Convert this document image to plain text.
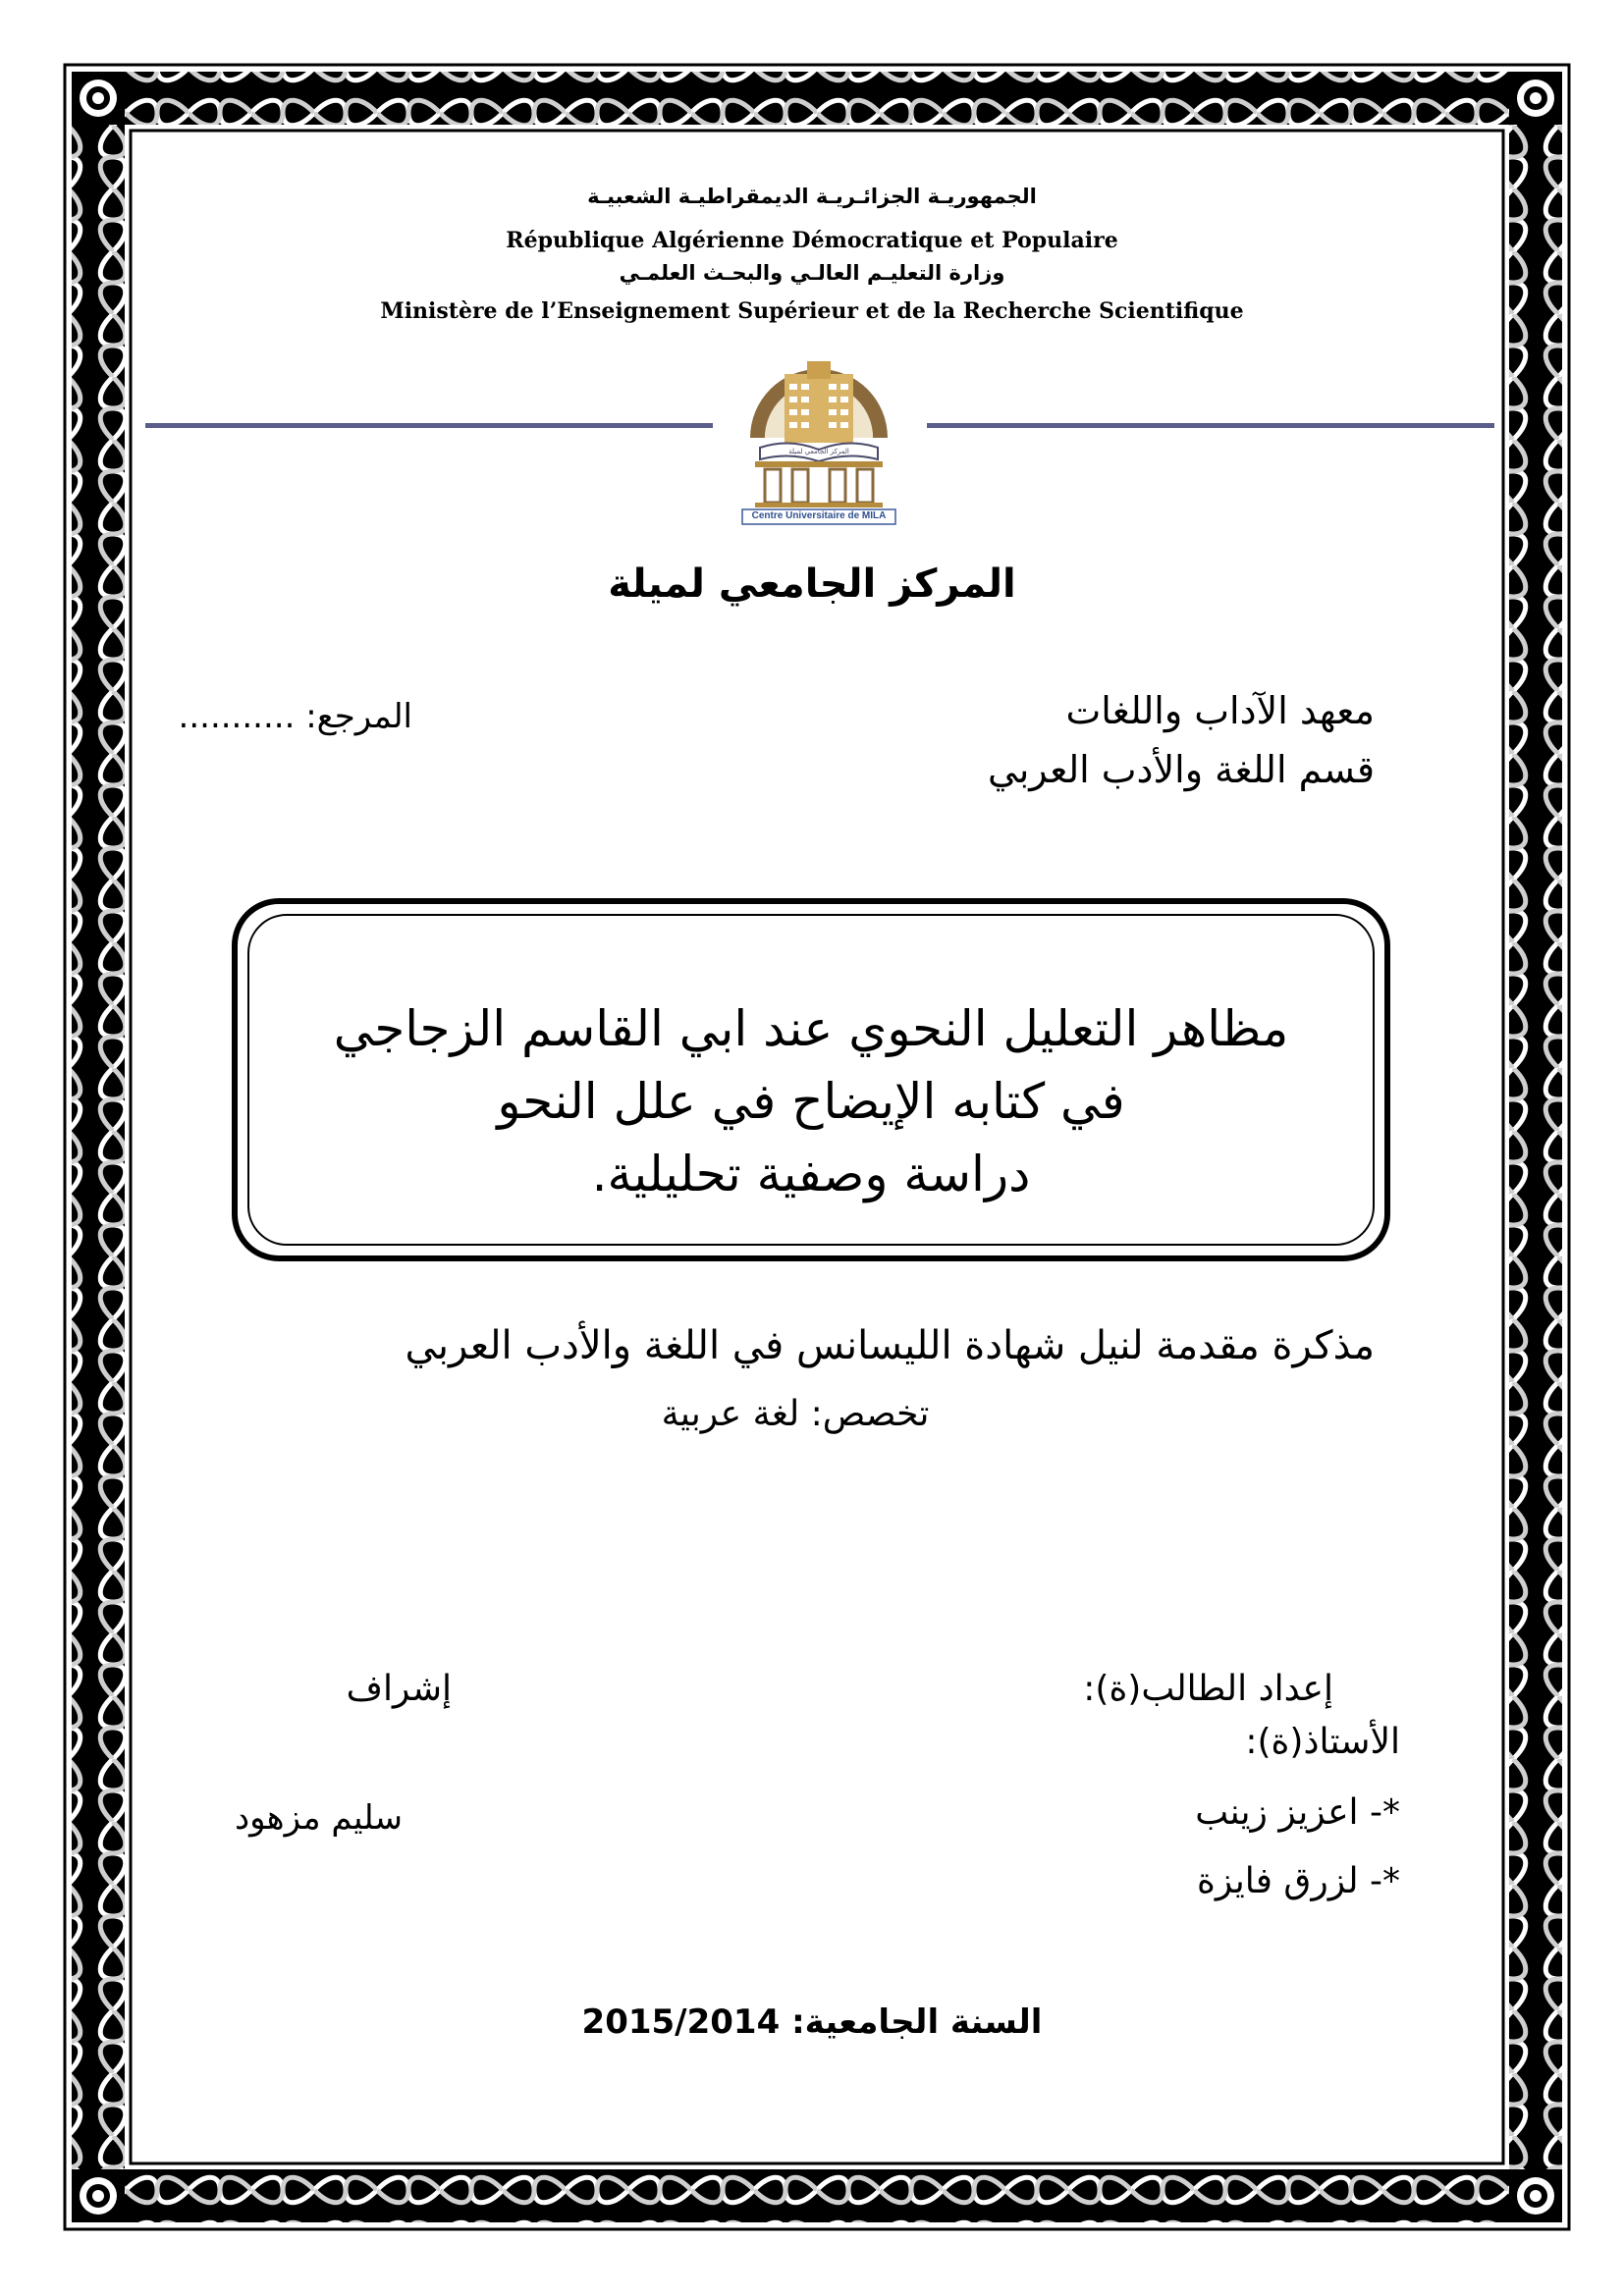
الجمهوريـة الجزائـريـة الديمقراطيـة الشعبيـة
République Algérienne Démocratique et Populaire
وزارة التعليـم العالـي والبحـث العلمـي
Ministère de l’Enseignement Supérieur et de la Recherche Scientifique
Centre Universitaire de MILA
المركز الجامعي لميلة
المركز الجامعي لميلة
معهد الآداب واللغات
قسم اللغة والأدب العربي
المرجع: ...........
مظاهر التعليل النحوي عند ابي القاسم الزجاجي
في كتابه الإيضاح في علل النحو
دراسة وصفية تحليلية.
مذكرة مقدمة لنيل شهادة الليسانس في اللغة والأدب العربي
تخصص: لغة عربية
إعداد الطالب(ة):
الأستاذ(ة):
إشراف
*- اعزيز زينب
*- لزرق فايزة
سليم مزهود
السنة الجامعية: 2015/2014
